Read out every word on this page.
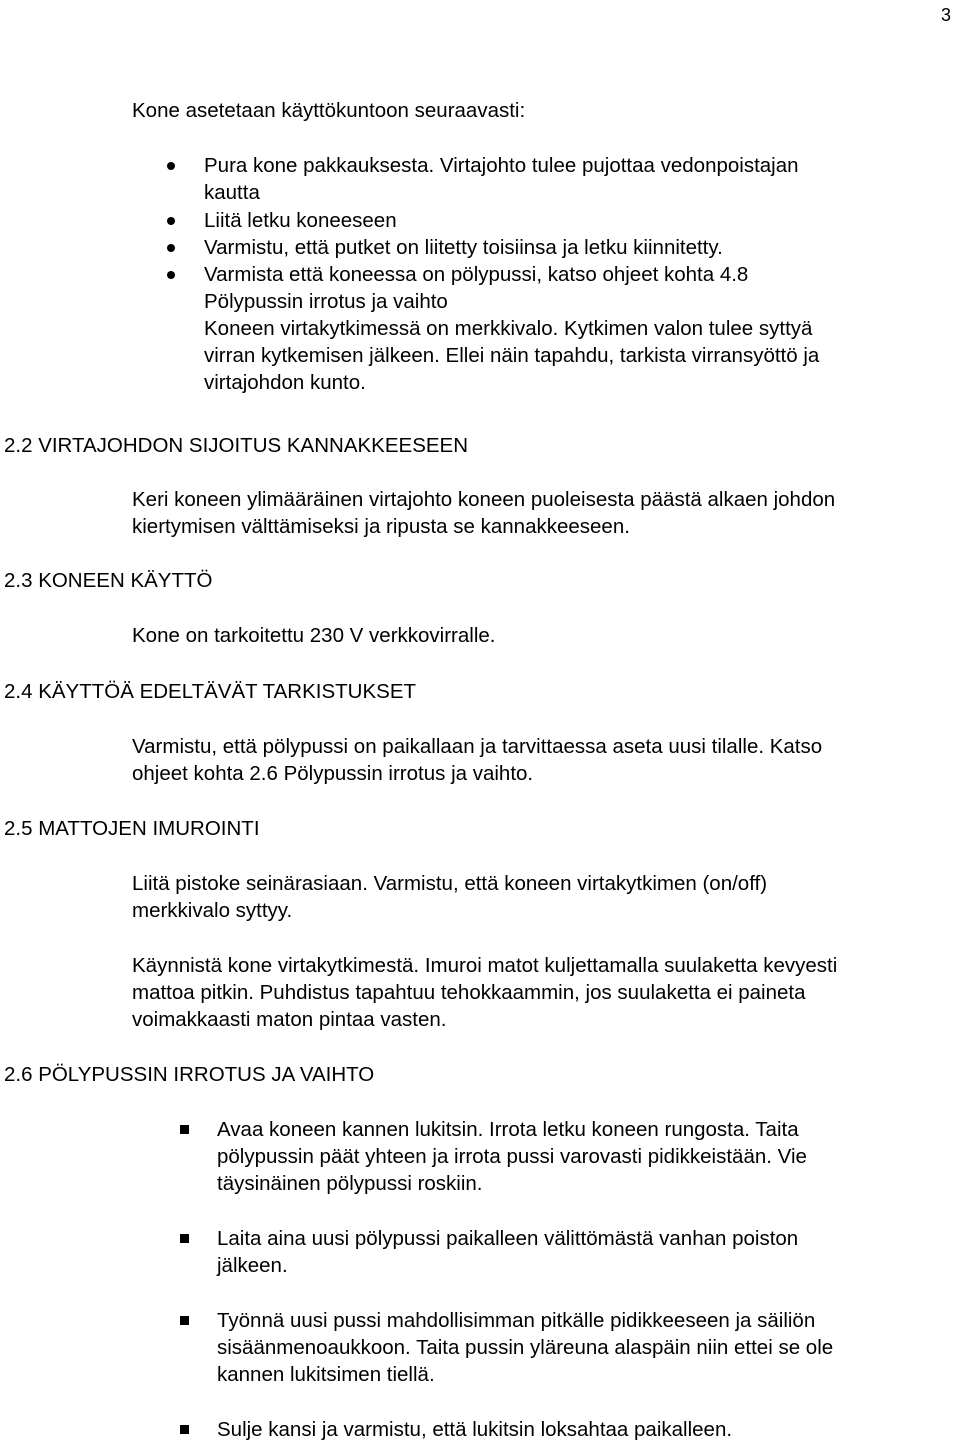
3
Kone asetetaan käyttökuntoon seuraavasti:
Pura kone pakkauksesta. Virtajohto tulee pujottaa vedonpoistajan
kautta
Liitä letku koneeseen
Varmistu, että putket on liitetty toisiinsa ja letku kiinnitetty.
Varmista että koneessa on pölypussi, katso ohjeet kohta 4.8
Pölypussin irrotus ja vaihto
Koneen virtakytkimessä on merkkivalo. Kytkimen valon tulee syttyä
virran kytkemisen jälkeen. Ellei näin tapahdu, tarkista virransyöttö ja
virtajohdon kunto.
2.2 VIRTAJOHDON SIJOITUS KANNAKKEESEEN
Keri koneen ylimääräinen virtajohto koneen puoleisesta päästä alkaen johdon
kiertymisen välttämiseksi ja ripusta se kannakkeeseen.
2.3 KONEEN KÄYTTÖ
Kone on tarkoitettu 230 V verkkovirralle.
2.4 KÄYTTÖÄ EDELTÄVÄT TARKISTUKSET
Varmistu, että pölypussi on paikallaan ja tarvittaessa aseta uusi tilalle. Katso
ohjeet kohta 2.6 Pölypussin irrotus ja vaihto.
2.5 MATTOJEN IMUROINTI
Liitä pistoke seinärasiaan. Varmistu, että koneen virtakytkimen (on/off)
merkkivalo syttyy.
Käynnistä kone virtakytkimestä. Imuroi matot kuljettamalla suulaketta kevyesti
mattoa pitkin. Puhdistus tapahtuu tehokkaammin, jos suulaketta ei paineta
voimakkaasti maton pintaa vasten.
2.6 PÖLYPUSSIN IRROTUS JA VAIHTO
Avaa koneen kannen lukitsin. Irrota letku koneen rungosta. Taita
pölypussin päät yhteen ja irrota pussi varovasti pidikkeistään. Vie
täysinäinen pölypussi roskiin.
Laita aina uusi pölypussi paikalleen välittömästä vanhan poiston
jälkeen.
Työnnä uusi pussi mahdollisimman pitkälle pidikkeeseen ja säiliön
sisäänmenoaukkoon. Taita pussin yläreuna alaspäin niin ettei se ole
kannen lukitsimen tiellä.
Sulje kansi ja varmistu, että lukitsin loksahtaa paikalleen.
